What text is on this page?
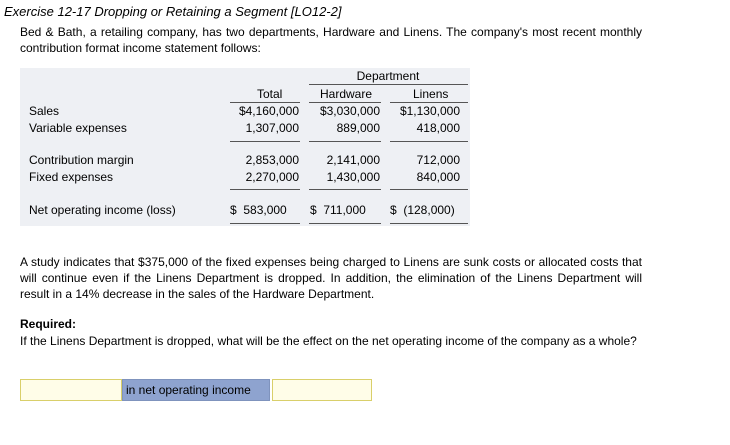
Exercise 12-17 Dropping or Retaining a Segment [LO12-2]
Bed & Bath, a retailing company, has two departments, Hardware and Linens. The company's most recent monthly contribution format income statement follows:
Department
Total	Hardware	Linens
Sales	$4,160,000 $3,030,000 $1,130,000
Variable expenses	1,307,000	889,000	418,000
Contribution margin	2,853,000 2,141,000	712,000
Fixed expenses	2,270,000 1,430,000	840,000
Net operating income (loss)	$  583,000 $  711,000 $  (128,000)
A study indicates that $375,000 of the fixed expenses being charged to Linens are sunk costs or allocated costs that will continue even if the Linens Department is dropped. In addition, the elimination of the Linens Department will result in a 14% decrease in the sales of the Hardware Department.
Required:
If the Linens Department is dropped, what will be the effect on the net operating income of the company as a whole?
in net operating income
